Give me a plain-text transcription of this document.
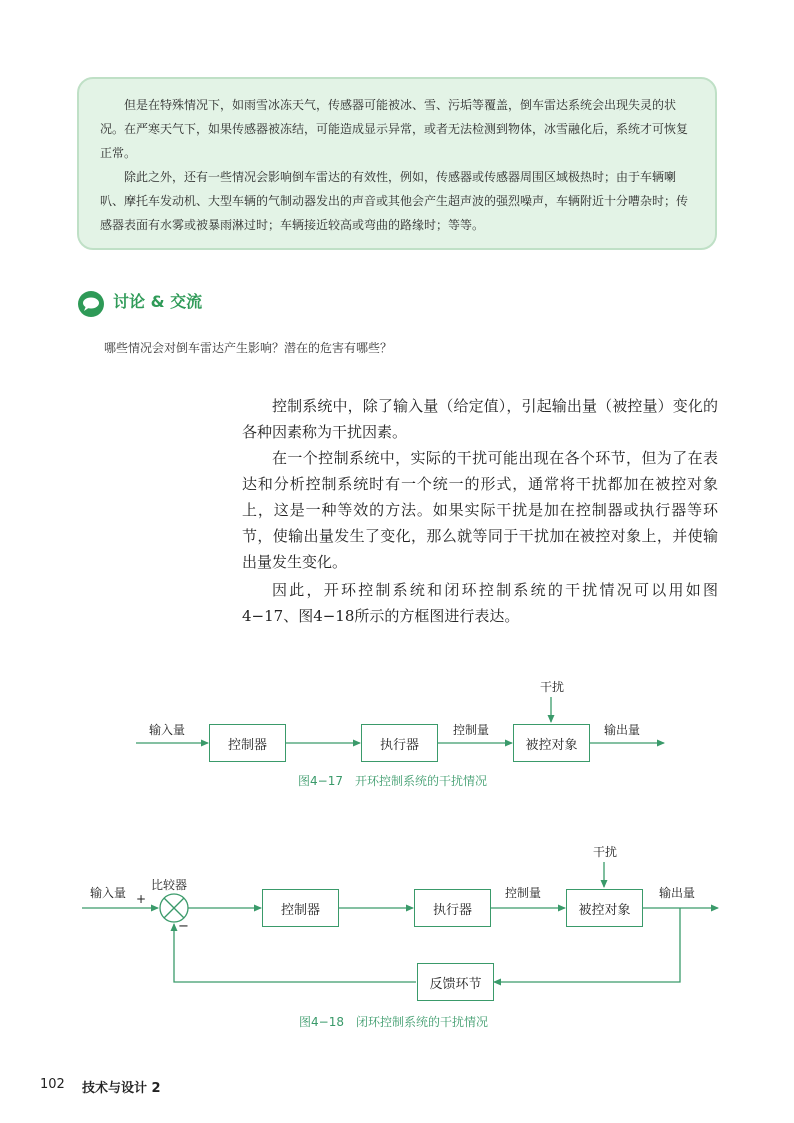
但是在特殊情况下，如雨雪冰冻天气，传感器可能被冰、雪、污垢等覆盖，倒车雷达系统会出现失灵的状况。在严寒天气下，如果传感器被冻结，可能造成显示异常，或者无法检测到物体，冰雪融化后，系统才可恢复正常。

除此之外，还有一些情况会影响倒车雷达的有效性，例如，传感器或传感器周围区域极热时；由于车辆喇叭、摩托车发动机、大型车辆的气制动器发出的声音或其他会产生超声波的强烈噪声，车辆附近十分嘈杂时；传感器表面有水雾或被暴雨淋过时；车辆接近较高或弯曲的路缘时；等等。

讨论 & 交流
哪些情况会对倒车雷达产生影响？潜在的危害有哪些？

控制系统中，除了输入量（给定值），引起输出量（被控量）变化的各种因素称为干扰因素。

在一个控制系统中，实际的干扰可能出现在各个环节，但为了在表达和分析控制系统时有一个统一的形式，通常将干扰都加在被控对象上，这是一种等效的方法。如果实际干扰是加在控制器或执行器等环节，使输出量发生了变化，那么就等同于干扰加在被控对象上，并使输出量发生变化。

因此，开环控制系统和闭环控制系统的干扰情况可以用如图4−17、图4−18所示的方框图进行表达。

控制器	执行器	被控对象
输入量	控制量	输出量
干扰
图4−17　开环控制系统的干扰情况
控制器	执行器	被控对象
反馈环节
输入量
比较器
+
−
控制量	输出量
干扰
图4−18　闭环控制系统的干扰情况
102 技术与设计 2
